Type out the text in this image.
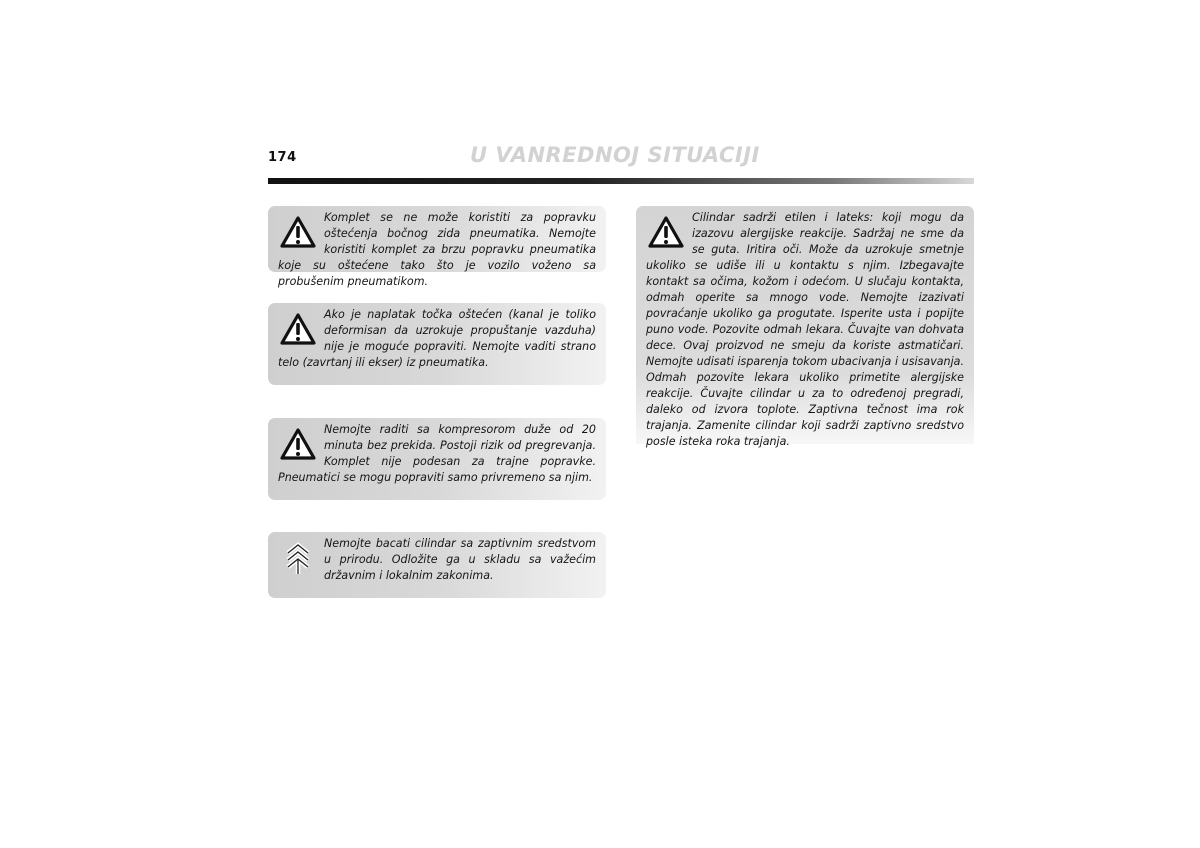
174	U VANREDNOJ SITUACIJI
Komplet se ne može koristiti za popravku oštećenja bočnog zida pneumatika. Nemojte koristiti komplet za brzu popravku pneumatika koje su oštećene tako što je vozilo voženo sa probušenim pneumatikom.
Ako je naplatak točka oštećen (kanal je toliko deformisan da uzrokuje propuštanje vazduha) nije je moguće popraviti. Nemojte vaditi strano telo (zavrtanj ili ekser) iz pneumatika.
Nemojte raditi sa kompresorom duže od 20 minuta bez prekida. Postoji rizik od pregrevanja. Komplet nije podesan za trajne popravke. Pneumatici se mogu popraviti samo privremeno sa njim.
Nemojte bacati cilindar sa zaptivnim sredstvom u prirodu. Odložite ga u skladu sa važećim državnim i lokalnim zakonima.
Cilindar sadrži etilen i lateks: koji mogu da izazovu alergijske reakcije. Sadržaj ne sme da se guta. Iritira oči. Može da uzrokuje smetnje ukoliko se udiše ili u kontaktu s njim. Izbegavajte kontakt sa očima, kožom i odećom. U slučaju kontakta, odmah operite sa mnogo vode. Nemojte izazivati povraćanje ukoliko ga progutate. Isperite usta i popijte puno vode. Pozovite odmah lekara. Čuvajte van dohvata dece. Ovaj proizvod ne smeju da koriste astmatičari. Nemojte udisati isparenja tokom ubacivanja i usisavanja. Odmah pozovite lekara ukoliko primetite alergijske reakcije. Čuvajte cilindar u za to određenoj pregradi, daleko od izvora toplote. Zaptivna tečnost ima rok trajanja. Zamenite cilindar koji sadrži zaptivno sredstvo posle isteka roka trajanja.
